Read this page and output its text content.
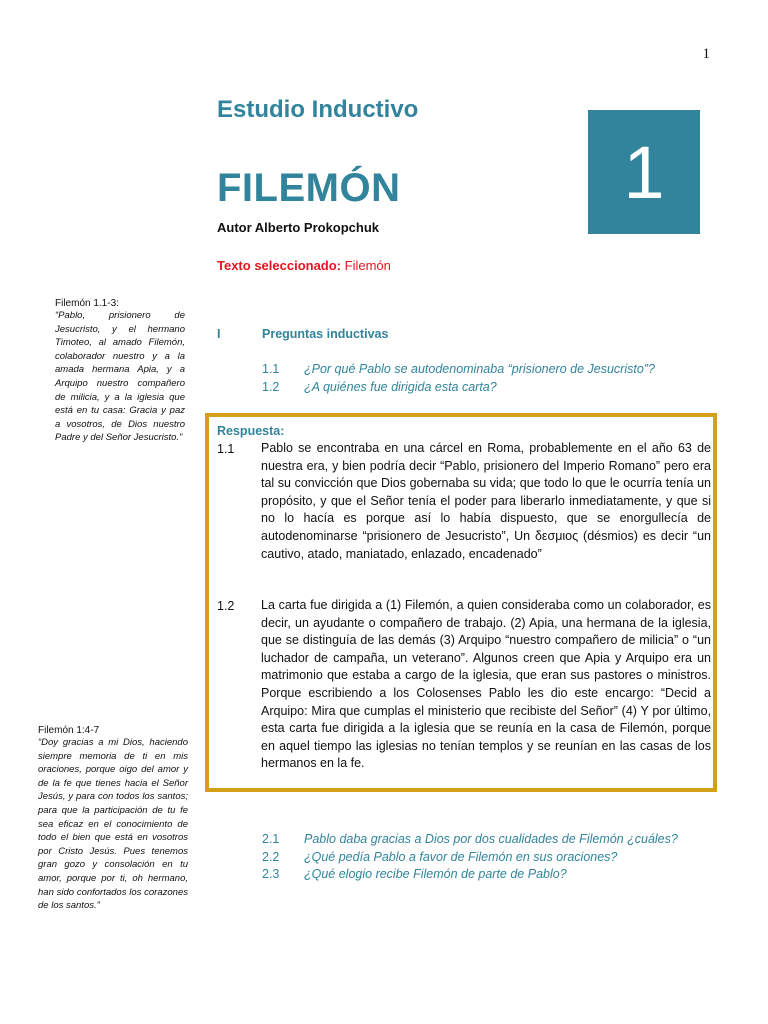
1
Estudio Inductivo
FILEMÓN
Autor Alberto Prokopchuk
Texto seleccionado: Filemón
1
Filemón 1.1-3:

“Pablo, prisionero de Jesucristo, y el hermano Timoteo, al amado Filemón, colaborador nuestro y a la amada hermana Apia, y a Arquipo nuestro compañero de milicia, y a la iglesia que está en tu casa: Gracia y paz a vosotros, de Dios nuestro Padre y del Señor Jesucristo.”

Filemón 1:4-7

“Doy gracias a mi Dios, haciendo siempre memoria de ti en mis oraciones, porque oigo del amor y de la fe que tienes hacia el Señor Jesús, y para con todos los santos; para que la participación de tu fe sea eficaz en el conocimiento de todo el bien que está en vosotros por Cristo Jesús. Pues tenemos gran gozo y consolación en tu amor, porque por ti, oh hermano, han sido confortados los corazones de los santos.”

I	Preguntas inductivas
1.1 ¿Por qué Pablo se autodenominaba “prisionero de Jesucristo”?
1.2 ¿A quiénes fue dirigida esta carta?
Respuesta:
1.1 Pablo se encontraba en una cárcel en Roma, probablemente en el año 63 de nuestra era, y bien podría decir “Pablo, prisionero del Imperio Romano” pero era tal su convicción que Dios gobernaba su vida; que todo lo que le ocurría tenía un propósito, y que el Señor tenía el poder para liberarlo inmediatamente, y que si no lo hacía es porque así lo había dispuesto, que se enorgullecía de autodenominarse “prisionero de Jesucristo”, Un δεσμιος (désmios) es decir “un cautivo, atado, maniatado, enlazado, encadenado”

1.2 La carta fue dirigida a (1) Filemón, a quien consideraba como un colaborador, es decir, un ayudante o compañero de trabajo. (2) Apia, una hermana de la iglesia, que se distinguía de las demás (3) Arquipo “nuestro compañero de milicia” o “un luchador de campaña, un veterano”. Algunos creen que Apia y Arquipo era un matrimonio que estaba a cargo de la iglesia, que eran sus pastores o ministros. Porque escribiendo a los Colosenses Pablo les dio este encargo: “Decid a Arquipo: Mira que cumplas el ministerio que recibiste del Señor” (4) Y por último, esta carta fue dirigida a la iglesia que se reunía en la casa de Filemón, porque en aquel tiempo las iglesias no tenían templos y se reunían en las casas de los hermanos en la fe.

2.1 Pablo daba gracias a Dios por dos cualidades de Filemón ¿cuáles?
2.2 ¿Qué pedía Pablo a favor de Filemón en sus oraciones?
2.3 ¿Qué elogio recibe Filemón de parte de Pablo?
